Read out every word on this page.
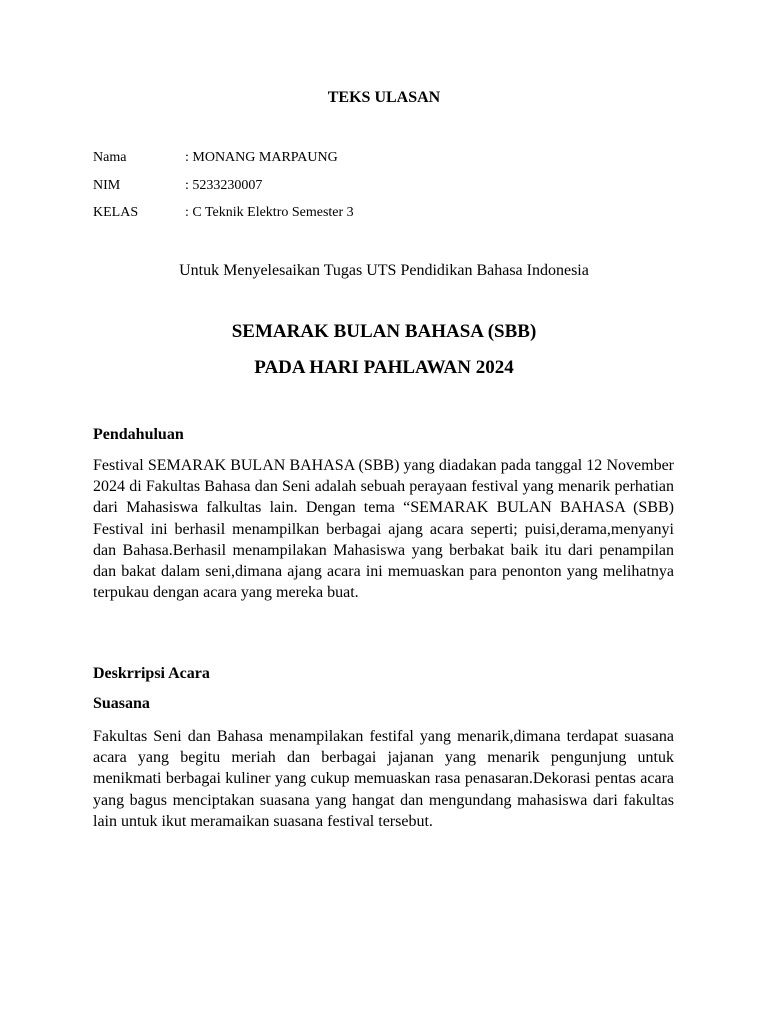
TEKS ULASAN
Nama	: MONANG MARPAUNG
NIM	: 5233230007
KELAS	: C Teknik Elektro Semester 3
Untuk Menyelesaikan Tugas UTS Pendidikan Bahasa Indonesia
SEMARAK BULAN BAHASA (SBB)
PADA HARI PAHLAWAN 2024
Pendahuluan

Festival SEMARAK BULAN BAHASA (SBB) yang diadakan pada tanggal 12 November 2024 di Fakultas Bahasa dan Seni adalah sebuah perayaan festival yang menarik perhatian dari Mahasiswa falkultas lain. Dengan tema “SEMARAK BULAN BAHASA (SBB) Festival ini berhasil menampilkan berbagai ajang acara seperti; puisi,derama,menyanyi dan Bahasa.Berhasil menampilakan Mahasiswa yang berbakat baik itu dari penampilan dan bakat dalam seni,dimana ajang acara ini memuaskan para penonton yang melihatnya terpukau dengan acara yang mereka buat.

Deskrripsi Acara
Suasana

Fakultas Seni dan Bahasa menampilakan festifal yang menarik,dimana terdapat suasana acara yang begitu meriah dan berbagai jajanan yang menarik pengunjung untuk menikmati berbagai kuliner yang cukup memuaskan rasa penasaran.Dekorasi pentas acara yang bagus menciptakan suasana yang hangat dan mengundang mahasiswa dari fakultas lain untuk ikut meramaikan suasana festival tersebut.
